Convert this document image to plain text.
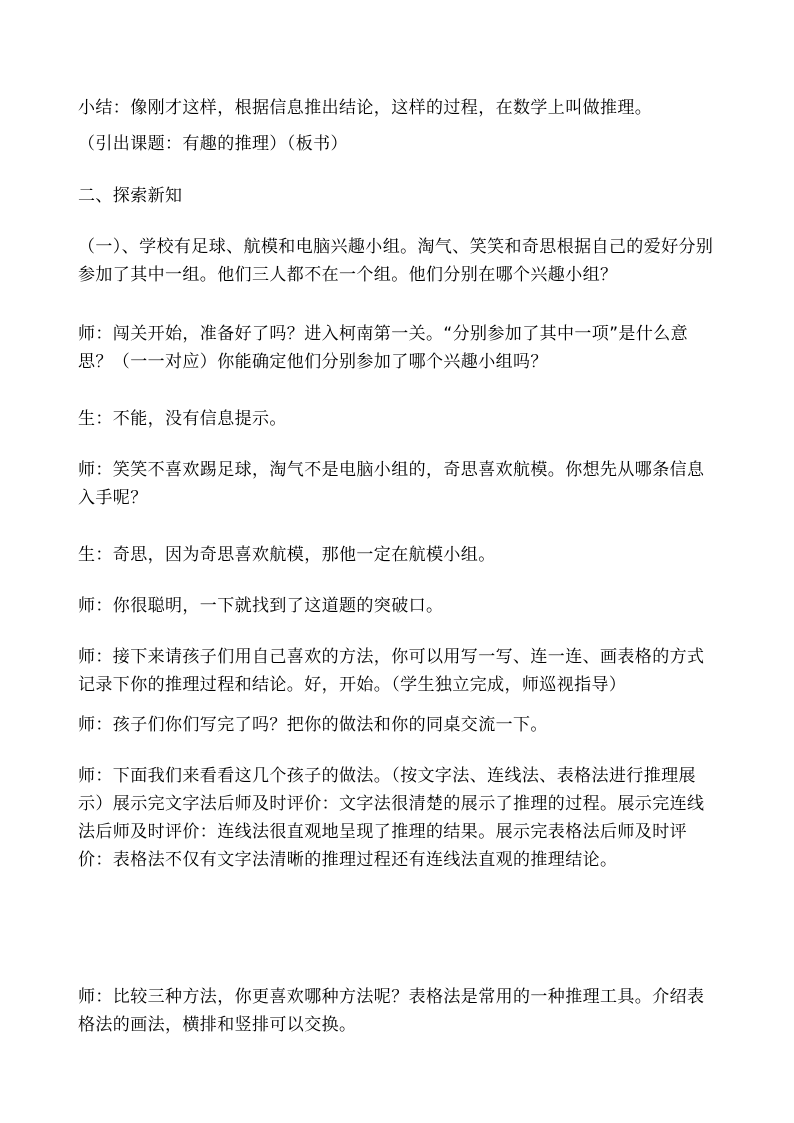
小结：像刚才这样，根据信息推出结论，这样的过程，在数学上叫做推理。

（引出课题：有趣的推理）（板书）

二、探索新知

（一）、学校有足球、航模和电脑兴趣小组。淘气、笑笑和奇思根据自己的爱好分别参加了其中一组。他们三人都不在一个组。他们分别在哪个兴趣小组？

师：闯关开始，准备好了吗？进入柯南第一关。“分别参加了其中一项”是什么意思？（一一对应）你能确定他们分别参加了哪个兴趣小组吗？

生：不能，没有信息提示。

师：笑笑不喜欢踢足球，淘气不是电脑小组的，奇思喜欢航模。你想先从哪条信息入手呢？

生：奇思，因为奇思喜欢航模，那他一定在航模小组。

师：你很聪明，一下就找到了这道题的突破口。

师：接下来请孩子们用自己喜欢的方法，你可以用写一写、连一连、画表格的方式记录下你的推理过程和结论。好，开始。（学生独立完成，师巡视指导）

师：孩子们你们写完了吗？把你的做法和你的同桌交流一下。

师：下面我们来看看这几个孩子的做法。（按文字法、连线法、表格法进行推理展示）展示完文字法后师及时评价：文字法很清楚的展示了推理的过程。展示完连线法后师及时评价：连线法很直观地呈现了推理的结果。展示完表格法后师及时评价：表格法不仅有文字法清晰的推理过程还有连线法直观的推理结论。

师：比较三种方法，你更喜欢哪种方法呢？表格法是常用的一种推理工具。介绍表格法的画法，横排和竖排可以交换。
